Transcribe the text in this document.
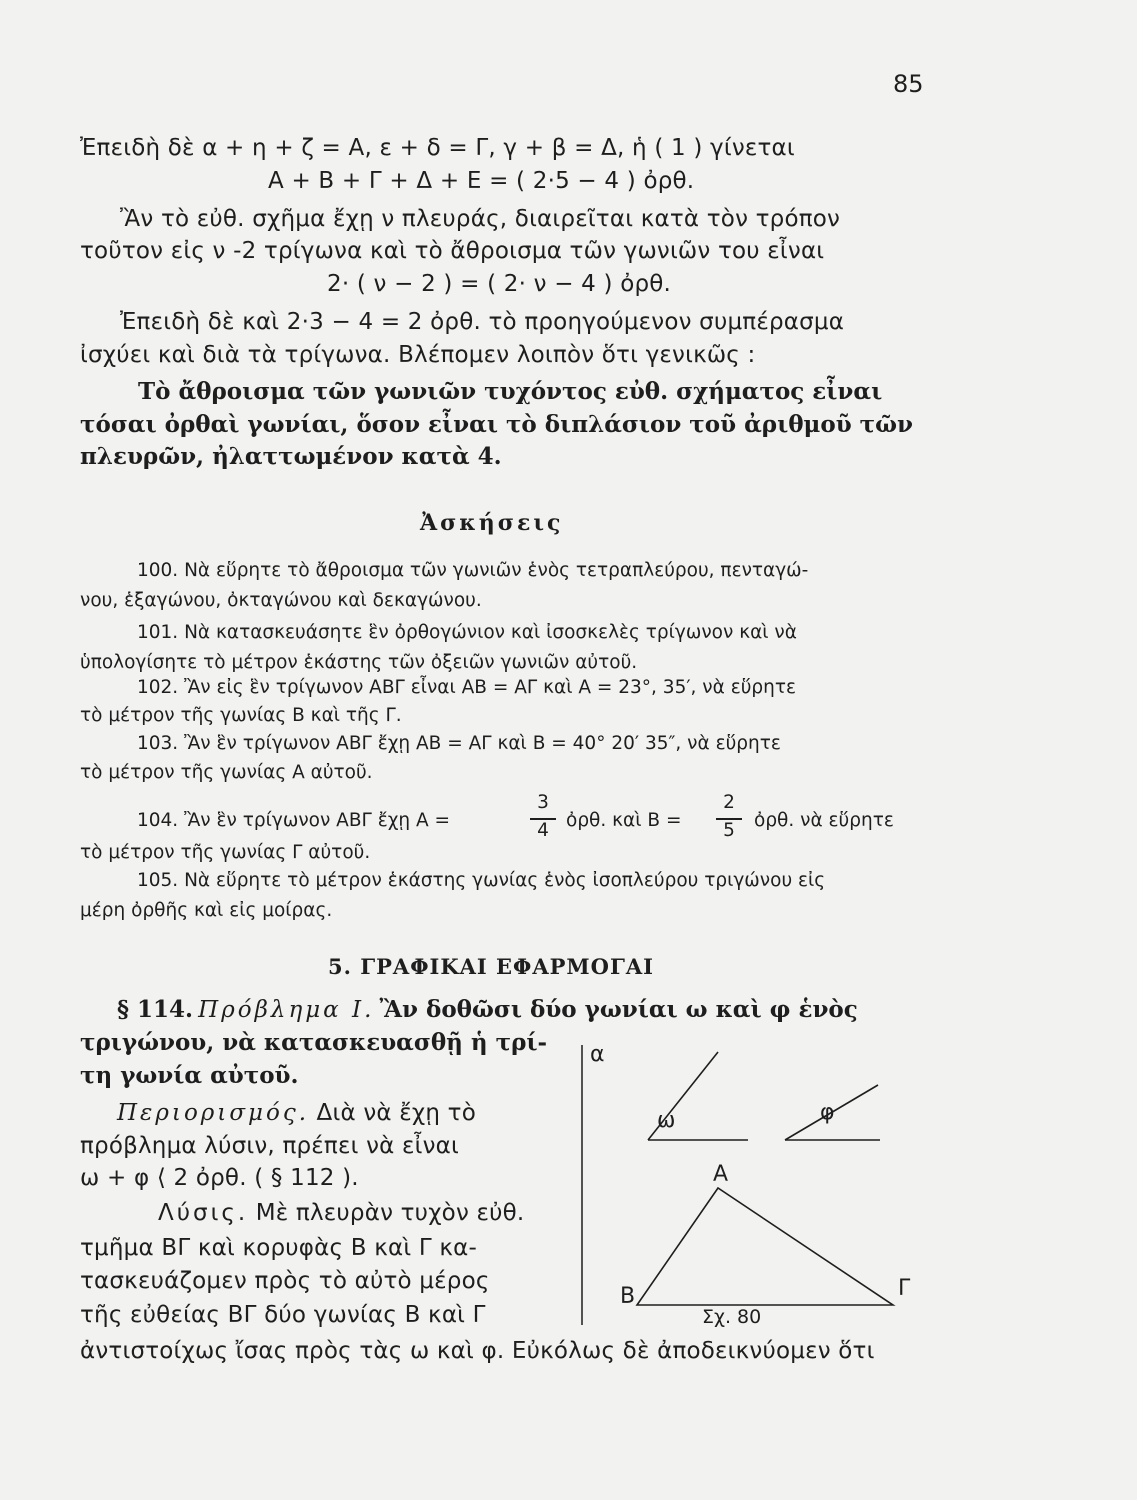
85
Ἐπειδὴ δὲ α + η + ζ = Α, ε + δ = Γ, γ + β = Δ, ἡ ( 1 ) γίνεται
Α + Β + Γ + Δ + Ε = ( 2·5 − 4 ) ὀρθ.
Ἂν τὸ εὐθ. σχῆμα ἔχῃ ν πλευράς, διαιρεῖται κατὰ τὸν τρόπον
τοῦτον εἰς ν -2 τρίγωνα καὶ τὸ ἄθροισμα τῶν γωνιῶν του εἶναι
2· ( ν − 2 ) = ( 2· ν − 4 ) ὀρθ.
Ἐπειδὴ δὲ καὶ 2·3 − 4 = 2 ὀρθ. τὸ προηγούμενον συμπέρασμα
ἰσχύει καὶ διὰ τὰ τρίγωνα. Βλέπομεν λοιπὸν ὅτι γενικῶς :
Τὸ ἄθροισμα τῶν γωνιῶν τυχόντος εὐθ. σχήματος εἶναι
τόσαι ὀρθαὶ γωνίαι, ὅσον εἶναι τὸ διπλάσιον τοῦ ἀριθμοῦ τῶν
πλευρῶν, ἠλαττωμένον κατὰ 4.
Ἀσκήσεις
100. Νὰ εὕρητε τὸ ἄθροισμα τῶν γωνιῶν ἑνὸς τετραπλεύρου, πενταγώ-
νου, ἑξαγώνου, ὀκταγώνου καὶ δεκαγώνου.
101. Νὰ κατασκευάσητε ἓν ὀρθογώνιον καὶ ἰσοσκελὲς τρίγωνον καὶ νὰ
ὑπολογίσητε τὸ μέτρον ἑκάστης τῶν ὀξειῶν γωνιῶν αὐτοῦ.
102. Ἂν εἰς ἓν τρίγωνον ΑΒΓ εἶναι ΑΒ = ΑΓ καὶ Α = 23°, 35′, νὰ εὕρητε
τὸ μέτρον τῆς γωνίας Β καὶ τῆς Γ.
103. Ἂν ἓν τρίγωνον ΑΒΓ ἔχῃ ΑΒ = ΑΓ καὶ Β = 40° 20′ 35″, νὰ εὕρητε
τὸ μέτρον τῆς γωνίας Α αὐτοῦ.
104. Ἂν ἓν τρίγωνον ΑΒΓ ἔχῃ Α =
3
4 ὀρθ. καὶ Β =
2
5 ὀρθ. νὰ εὕρητε
τὸ μέτρον τῆς γωνίας Γ αὐτοῦ.
105. Νὰ εὕρητε τὸ μέτρον ἑκάστης γωνίας ἑνὸς ἰσοπλεύρου τριγώνου εἰς
μέρη ὀρθῆς καὶ εἰς μοίρας.
5. ΓΡΑΦΙΚΑΙ ΕΦΑΡΜΟΓΑΙ
§ 114. Πρόβλημα Ι. Ἂν δοθῶσι δύο γωνίαι ω καὶ φ ἑνὸς
τριγώνου, νὰ κατασκευασθῇ ἡ τρί-
τη γωνία αὐτοῦ.
Περιορισμός. Διὰ νὰ ἔχῃ τὸ
πρόβλημα λύσιν, πρέπει νὰ εἶναι
ω + φ ⟨ 2 ὀρθ. ( § 112 ).
Λύσις. Μὲ πλευρὰν τυχὸν εὐθ.
τμῆμα ΒΓ καὶ κορυφὰς Β καὶ Γ κα-
τασκευάζομεν πρὸς τὸ αὐτὸ μέρος
τῆς εὐθείας ΒΓ δύο γωνίας Β καὶ Γ
ἀντιστοίχως ἴσας πρὸς τὰς ω καὶ φ. Εὐκόλως δὲ ἀποδεικνύομεν ὅτι
α
ω	φ
Α
Β	Γ
Σχ. 80
